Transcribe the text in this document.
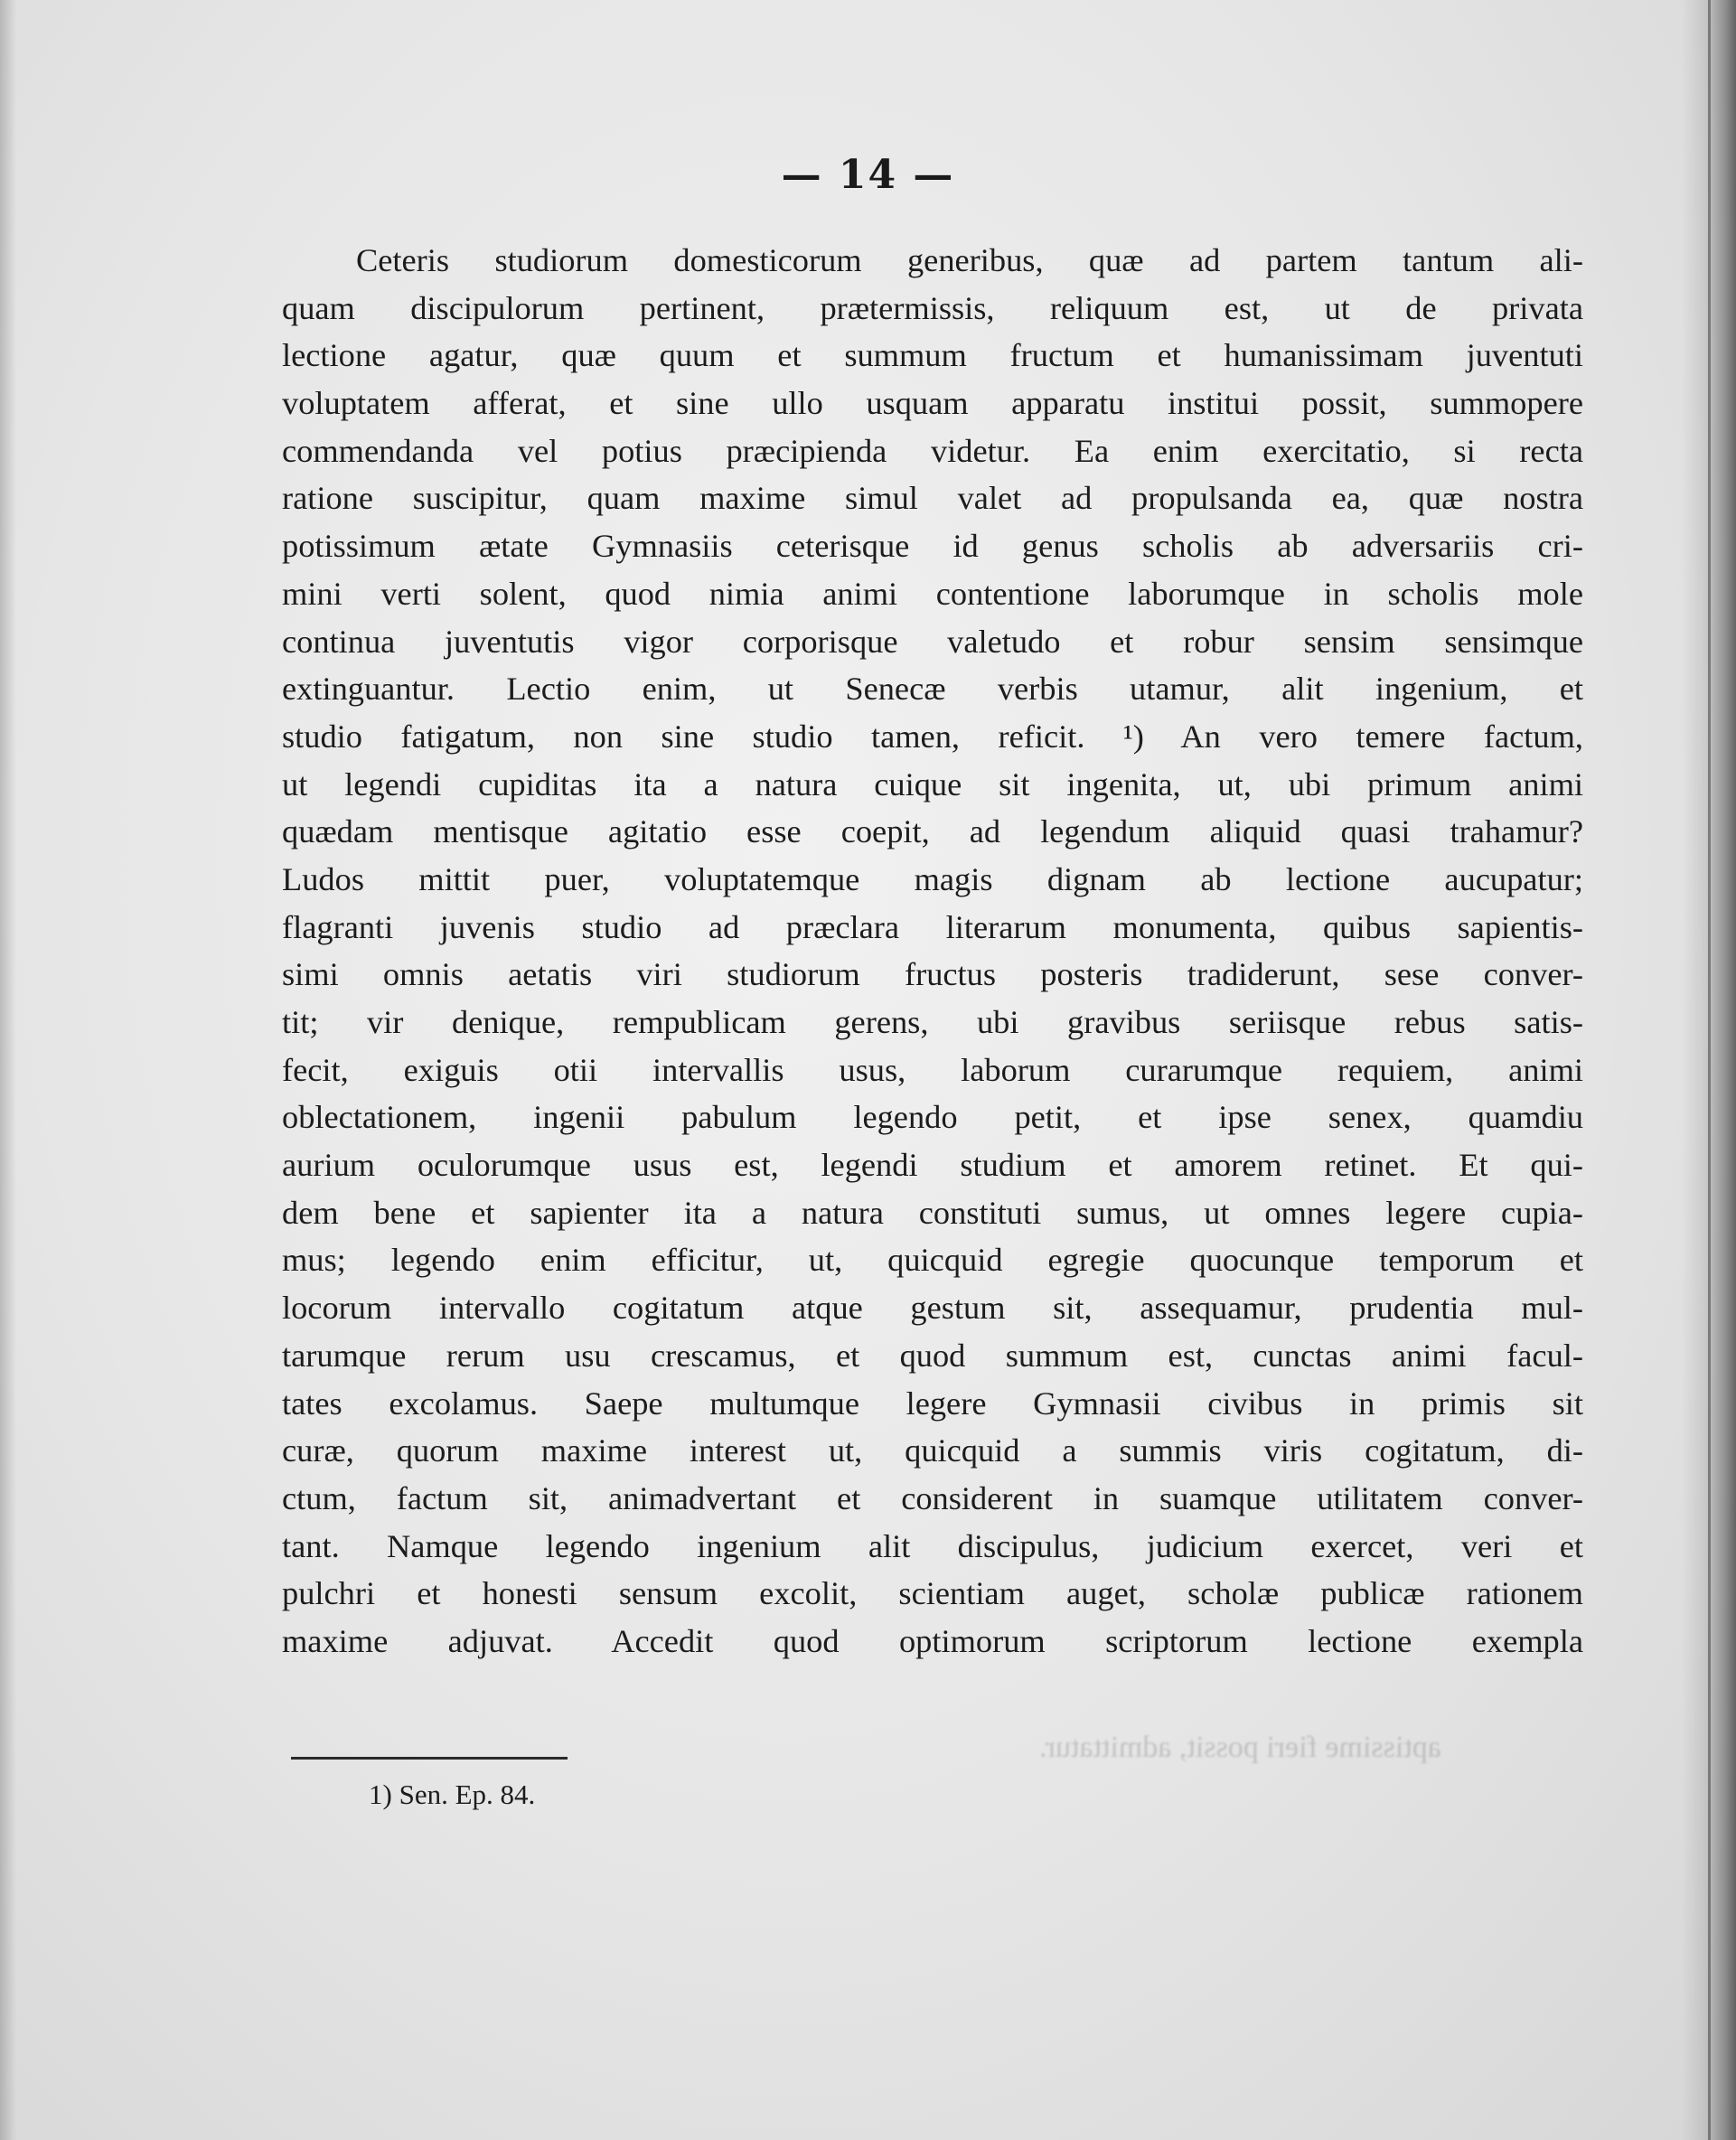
— 14 —
Ceteris studiorum domesticorum generibus, quæ ad partem tantum ali-
quam discipulorum pertinent, prætermissis, reliquum est, ut de privata
lectione agatur, quæ quum et summum fructum et humanissimam juventuti
voluptatem afferat, et sine ullo usquam apparatu institui possit, summopere
commendanda vel potius præcipienda videtur. Ea enim exercitatio, si recta
ratione suscipitur, quam maxime simul valet ad propulsanda ea, quæ nostra
potissimum ætate Gymnasiis ceterisque id genus scholis ab adversariis cri-
mini verti solent, quod nimia animi contentione laborumque in scholis mole
continua juventutis vigor corporisque valetudo et robur sensim sensimque
extinguantur. Lectio enim, ut Senecæ verbis utamur, alit ingenium, et
studio fatigatum, non sine studio tamen, reficit. ¹) An vero temere factum,
ut legendi cupiditas ita a natura cuique sit ingenita, ut, ubi primum animi
quædam mentisque agitatio esse coepit, ad legendum aliquid quasi trahamur?
Ludos mittit puer, voluptatemque magis dignam ab lectione aucupatur;
flagranti juvenis studio ad præclara literarum monumenta, quibus sapientis-
simi omnis aetatis viri studiorum fructus posteris tradiderunt, sese conver-
tit; vir denique, rempublicam gerens, ubi gravibus seriisque rebus satis-
fecit, exiguis otii intervallis usus, laborum curarumque requiem, animi
oblectationem, ingenii pabulum legendo petit, et ipse senex, quamdiu
aurium oculorumque usus est, legendi studium et amorem retinet. Et qui-
dem bene et sapienter ita a natura constituti sumus, ut omnes legere cupia-
mus; legendo enim efficitur, ut, quicquid egregie quocunque temporum et
locorum intervallo cogitatum atque gestum sit, assequamur, prudentia mul-
tarumque rerum usu crescamus, et quod summum est, cunctas animi facul-
tates excolamus. Saepe multumque legere Gymnasii civibus in primis sit
curæ, quorum maxime interest ut, quicquid a summis viris cogitatum, di-
ctum, factum sit, animadvertant et considerent in suamque utilitatem conver-
tant. Namque legendo ingenium alit discipulus, judicium exercet, veri et
pulchri et honesti sensum excolit, scientiam auget, scholæ publicæ rationem
maxime adjuvat. Accedit quod optimorum scriptorum lectione exempla
aptissime fieri possit, admittatur.
1) Sen. Ep. 84.
